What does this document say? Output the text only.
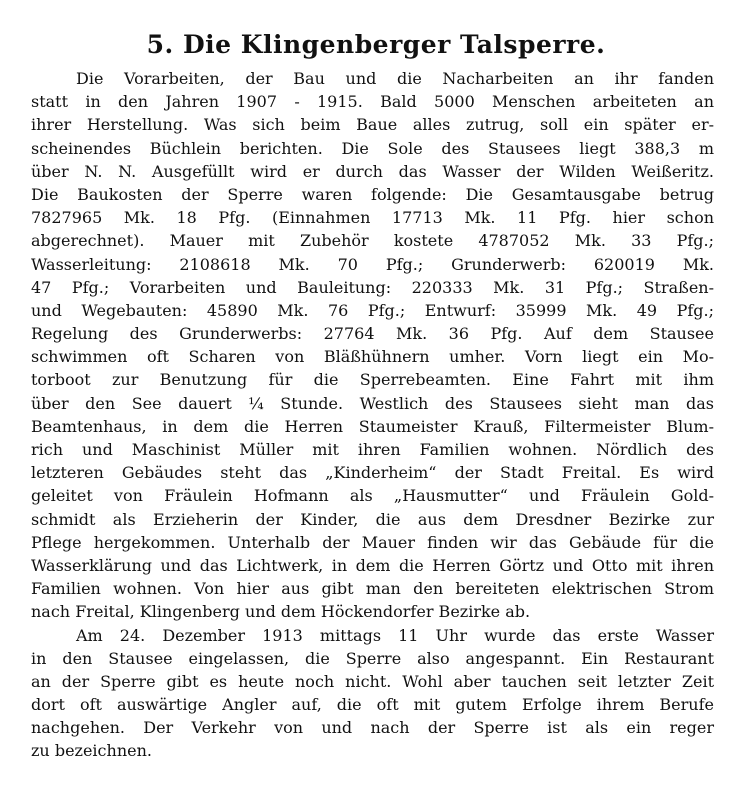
5. Die Klingenberger Talsperre.
Die Vorarbeiten, der Bau und die Nacharbeiten an ihr fanden
statt in den Jahren 1907 - 1915. Bald 5000 Menschen arbeiteten an
ihrer Herstellung. Was sich beim Baue alles zutrug, soll ein später er-
scheinendes Büchlein berichten. Die Sole des Stausees liegt 388,3 m
über N. N. Ausgefüllt wird er durch das Wasser der Wilden Weißeritz.
Die Baukosten der Sperre waren folgende: Die Gesamtausgabe betrug
7827965 Mk. 18 Pfg. (Einnahmen 17713 Mk. 11 Pfg. hier schon
abgerechnet). Mauer mit Zubehör kostete 4787052 Mk. 33 Pfg.;
Wasserleitung: 2108618 Mk. 70 Pfg.; Grunderwerb: 620019 Mk.
47 Pfg.; Vorarbeiten und Bauleitung: 220333 Mk. 31 Pfg.; Straßen-
und Wegebauten: 45890 Mk. 76 Pfg.; Entwurf: 35999 Mk. 49 Pfg.;
Regelung des Grunderwerbs: 27764 Mk. 36 Pfg. Auf dem Stausee
schwimmen oft Scharen von Bläßhühnern umher. Vorn liegt ein Mo-
torboot zur Benutzung für die Sperrebeamten. Eine Fahrt mit ihm
über den See dauert ¼ Stunde. Westlich des Stausees sieht man das
Beamtenhaus, in dem die Herren Staumeister Krauß, Filtermeister Blum-
rich und Maschinist Müller mit ihren Familien wohnen. Nördlich des
letzteren Gebäudes steht das „Kinderheim“ der Stadt Freital. Es wird
geleitet von Fräulein Hofmann als „Hausmutter“ und Fräulein Gold-
schmidt als Erzieherin der Kinder, die aus dem Dresdner Bezirke zur
Pflege hergekommen. Unterhalb der Mauer finden wir das Gebäude für die
Wasserklärung und das Lichtwerk, in dem die Herren Görtz und Otto mit ihren
Familien wohnen. Von hier aus gibt man den bereiteten elektrischen Strom
nach Freital, Klingenberg und dem Höckendorfer Bezirke ab.
Am 24. Dezember 1913 mittags 11 Uhr wurde das erste Wasser
in den Stausee eingelassen, die Sperre also angespannt. Ein Restaurant
an der Sperre gibt es heute noch nicht. Wohl aber tauchen seit letzter Zeit
dort oft auswärtige Angler auf, die oft mit gutem Erfolge ihrem Berufe
nachgehen. Der Verkehr von und nach der Sperre ist als ein reger
zu bezeichnen.
